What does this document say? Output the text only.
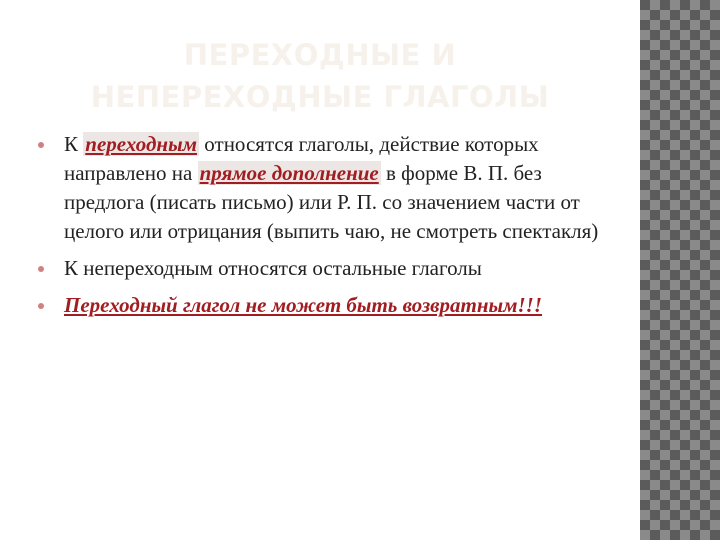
ПЕРЕХОДНЫЕ И
НЕПЕРЕХОДНЫЕ ГЛАГОЛЫ
К переходным относятся глаголы, действие которых направлено на прямое дополнение в форме В. П. без предлога (писать письмо) или Р. П. со значением части от целого или отрицания (выпить чаю, не смотреть спектакля)
К непереходным относятся остальные глаголы
Переходный глагол не может быть возвратным!!!
